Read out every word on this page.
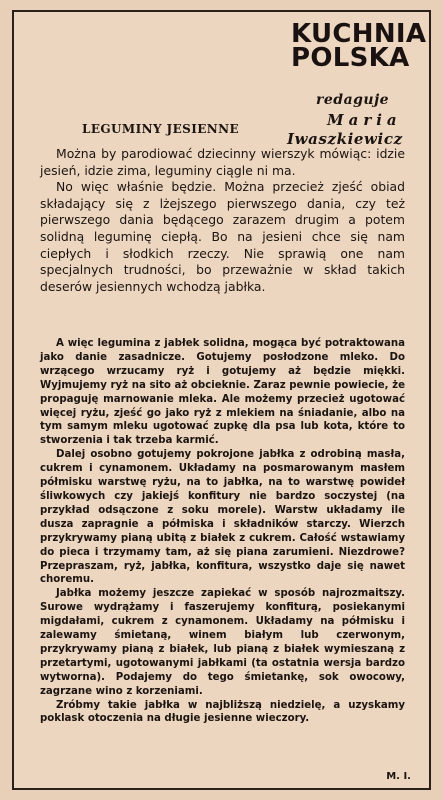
KUCHNIA
POLSKA
redaguje
Maria
Iwaszkiewicz
LEGUMINY JESIENNE

Można by parodiować dziecinny wierszyk mówiąc: idzie jesień, idzie zima, leguminy ciągle ni ma.

No więc właśnie będzie. Można przecież zjeść obiad składający się z lżejszego pierwszego dania, czy też pierwszego dania będącego zarazem drugim a potem solidną leguminę ciepłą. Bo na jesieni chce się nam ciepłych i słodkich rzeczy. Nie sprawią one nam specjalnych trudności, bo przeważnie w skład takich deserów jesiennych wchodzą jabłka.

A więc legumina z jabłek solidna, mogąca być potraktowana jako danie zasadnicze. Gotujemy posłodzone mleko. Do wrzącego wrzucamy ryż i gotujemy aż będzie miękki. Wyjmujemy ryż na sito aż obcieknie. Zaraz pewnie powiecie, że propaguję marnowanie mleka. Ale możemy przecież ugotować więcej ryżu, zjeść go jako ryż z mlekiem na śniadanie, albo na tym samym mleku ugotować zupkę dla psa lub kota, które to stworzenia i tak trzeba karmić.

Dalej osobno gotujemy pokrojone jabłka z odrobiną masła, cukrem i cynamonem. Układamy na posmarowanym masłem półmisku warstwę ryżu, na to jabłka, na to warstwę powideł śliwkowych czy jakiejś konfitury nie bardzo soczystej (na przykład odsączone z soku morele). Warstw układamy ile dusza zapragnie a półmiska i składników starczy. Wierzch przykrywamy pianą ubitą z białek z cukrem. Całość wstawiamy do pieca i trzymamy tam, aż się piana zarumieni. Niezdrowe? Przepraszam, ryż, jabłka, konfitura, wszystko daje się nawet choremu.

Jabłka możemy jeszcze zapiekać w sposób najrozmaitszy. Surowe wydrążamy i faszerujemy konfiturą, posiekanymi migdałami, cukrem z cynamonem. Układamy na półmisku i zalewamy śmietaną, winem białym lub czerwonym, przykrywamy pianą z białek, lub pianą z białek wymieszaną z przetartymi, ugotowanymi jabłkami (ta ostatnia wersja bardzo wytworna). Podajemy do tego śmietankę, sok owocowy, zagrzane wino z korzeniami.

Zróbmy takie jabłka w najbliższą niedzielę, a uzyskamy poklask otoczenia na długie jesienne wieczory.

M. I.
